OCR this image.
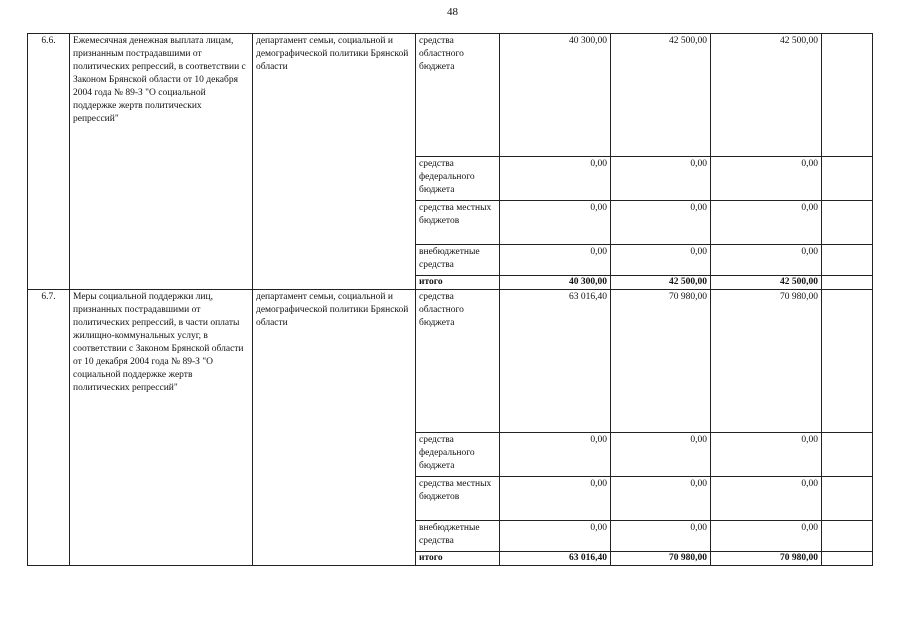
48
6.6.	Ежемесячная денежная выплата лицам, признанным пострадавшими от политических репрессий, в соответствии с Законом Брянской области от 10 декабря 2004 года № 89-З "О социальной поддержке жертв политических репрессий"	департамент семьи, социальной и демографической политики Брянской области	средства областного бюджета	40 300,00	42 500,00	42 500,00	
			средства федерального бюджета	0,00	0,00	0,00	
			средства местных бюджетов	0,00	0,00	0,00	
			внебюджетные средства	0,00	0,00	0,00	
			итого	40 300,00	42 500,00	42 500,00	
6.7.	Меры социальной поддержки лиц, признанных пострадавшими от политических репрессий, в части оплаты жилищно-коммунальных услуг, в соответствии с Законом Брянской области от 10 декабря 2004 года № 89-З "О социальной поддержке жертв политических репрессий"	департамент семьи, социальной и демографической политики Брянской области	средства областного бюджета	63 016,40	70 980,00	70 980,00	
			средства федерального бюджета	0,00	0,00	0,00	
			средства местных бюджетов	0,00	0,00	0,00	
			внебюджетные средства	0,00	0,00	0,00	
			итого	63 016,40	70 980,00	70 980,00	
